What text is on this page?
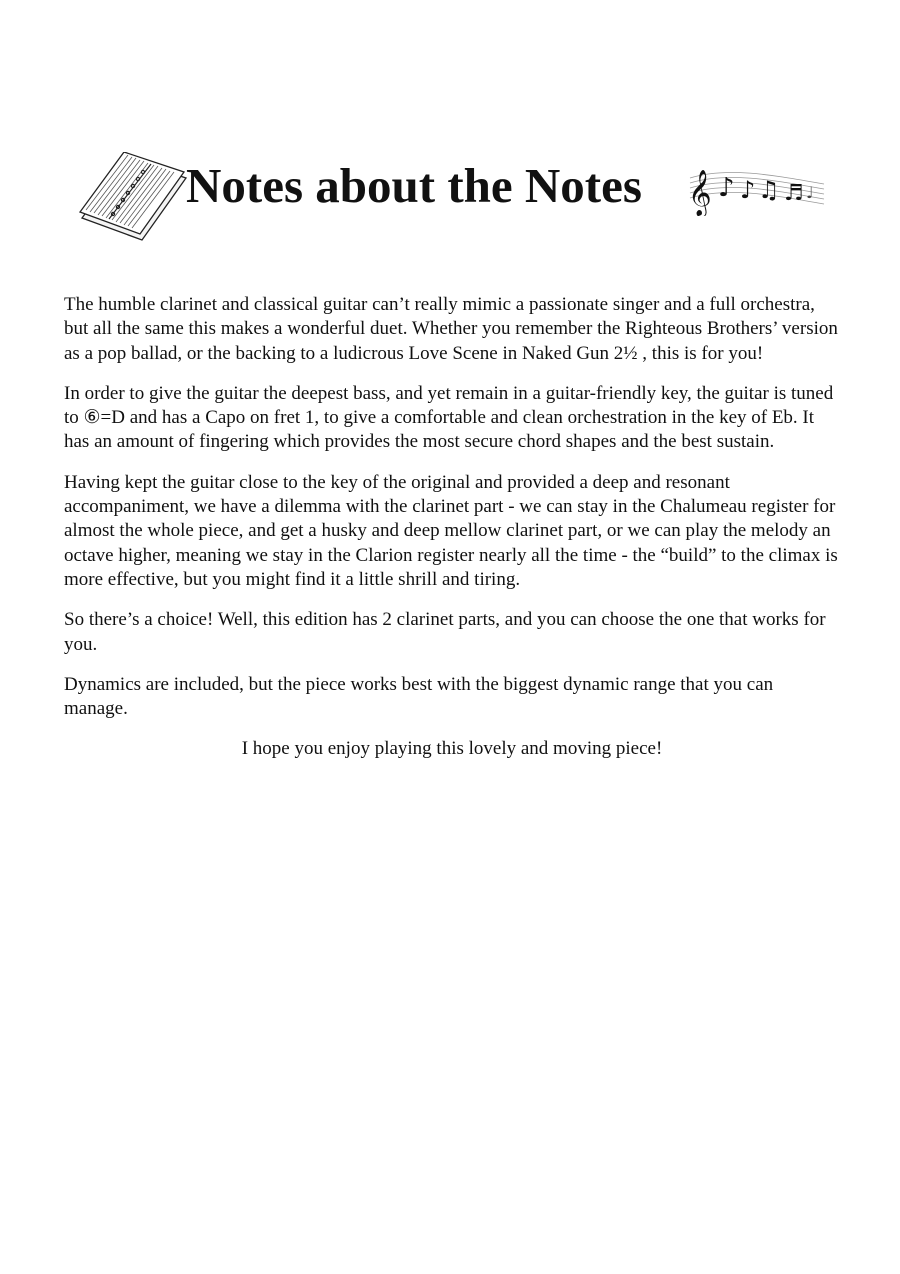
Notes about the Notes 𝄞 ♪ ♪ ♫ ♬ ♩

The humble clarinet and classical guitar can’t really mimic a passionate singer and a full orchestra, but all the same this makes a wonderful duet. Whether you remember the Righteous Brothers’ version as a pop ballad, or the backing to a ludicrous Love Scene in Naked Gun 2½ , this is for you!

In order to give the guitar the deepest bass, and yet remain in a guitar-friendly key, the guitar is tuned to ⑥=D and has a Capo on fret 1, to give a comfortable and clean orchestration in the key of Eb. It has an amount of fingering which provides the most secure chord shapes and the best sustain.

Having kept the guitar close to the key of the original and provided a deep and resonant accompaniment, we have a dilemma with the clarinet part - we can stay in the Chalumeau register for almost the whole piece, and get a husky and deep mellow clarinet part, or we can play the melody an octave higher, meaning we stay in the Clarion register nearly all the time - the “build” to the climax is more effective, but you might find it a little shrill and tiring.

So there’s a choice! Well, this edition has 2 clarinet parts, and you can choose the one that works for you.

Dynamics are included, but the piece works best with the biggest dynamic range that you can manage.

I hope you enjoy playing this lovely and moving piece!
